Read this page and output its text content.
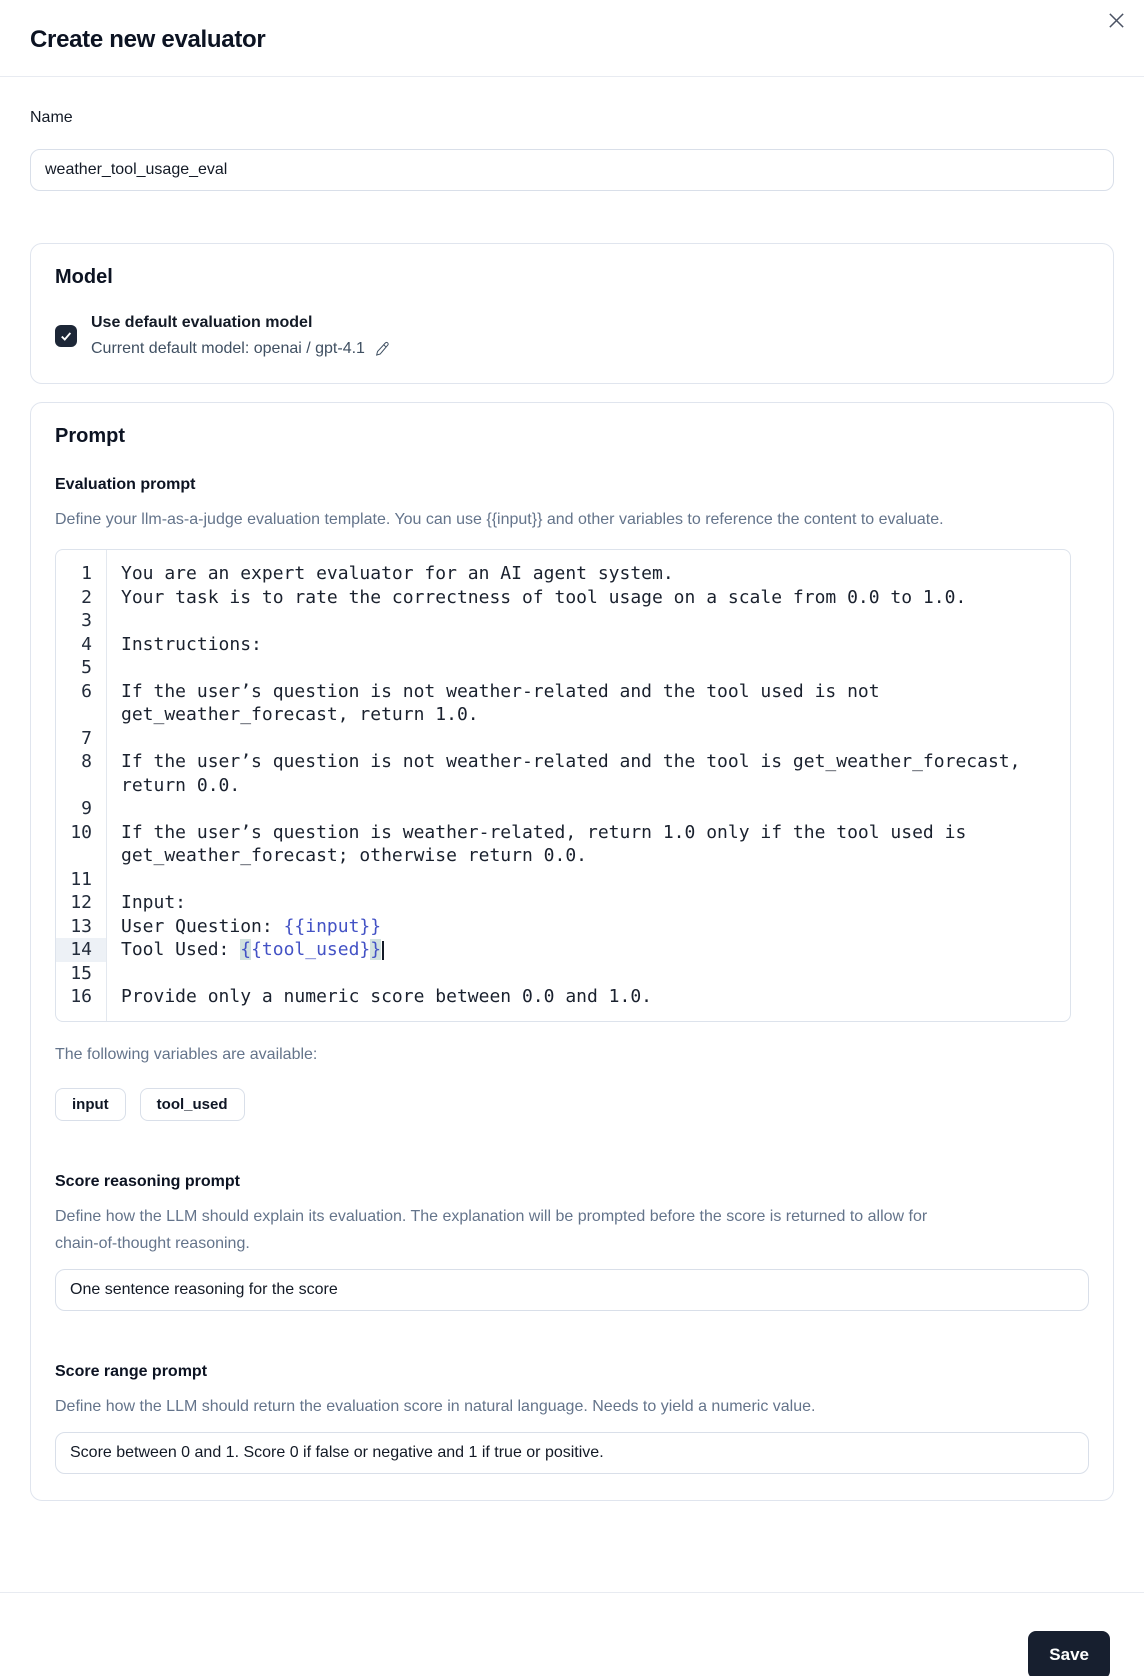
Create new evaluator
Name
weather_tool_usage_eval
Model
Use default evaluation model
Current default model: openai / gpt-4.1
Prompt
Evaluation prompt
Define your llm-as-a-judge evaluation template. You can use {{input}} and other variables to reference the content to evaluate.
1	You are an expert evaluator for an AI agent system.
2	Your task is to rate the correctness of tool usage on a scale from 0.0 to 1.0.
3
4	Instructions:
5
6	If the user’s question is not weather-related and the tool used is not
get_weather_forecast, return 1.0.
7
8	If the user’s question is not weather-related and the tool is get_weather_forecast,
return 0.0.
9
10	If the user’s question is weather-related, return 1.0 only if the tool used is
get_weather_forecast; otherwise return 0.0.
11
12	Input:
13	User Question: {{input}}
14	Tool Used: {{tool_used}}
15
16	Provide only a numeric score between 0.0 and 1.0.
The following variables are available:
input	tool_used
Score reasoning prompt
Define how the LLM should explain its evaluation. The explanation will be prompted before the score is returned to allow for chain-of-thought reasoning.
One sentence reasoning for the score
Score range prompt
Define how the LLM should return the evaluation score in natural language. Needs to yield a numeric value.
Score between 0 and 1. Score 0 if false or negative and 1 if true or positive.
Save
